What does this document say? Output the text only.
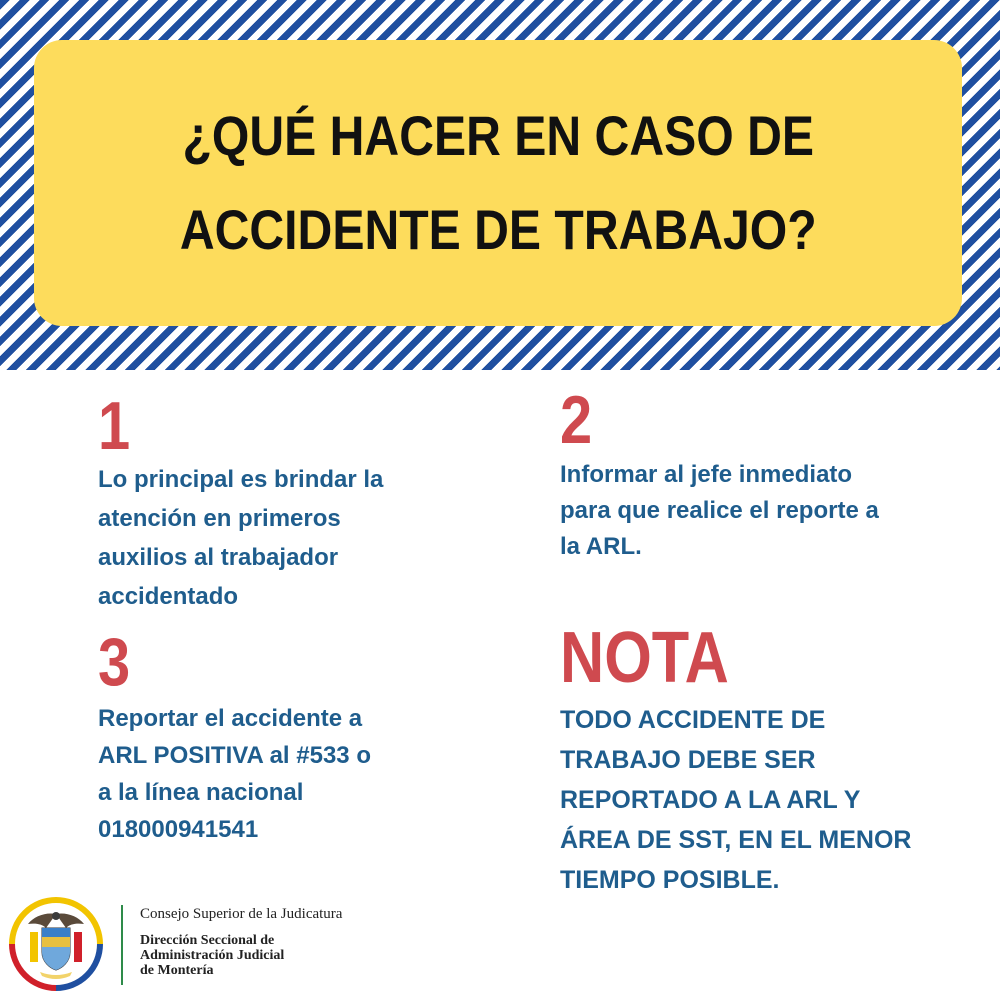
¿QUÉ HACER EN CASO DE
ACCIDENTE DE TRABAJO?
1
Lo principal es brindar la
atención en primeros
auxilios al trabajador
accidentado
2
Informar al jefe inmediato
para que realice el reporte a
la ARL.
3
Reportar el accidente a
ARL POSITIVA al #533 o
a la línea nacional
018000941541
NOTA
TODO ACCIDENTE DE
TRABAJO DEBE SER
REPORTADO A LA ARL Y
ÁREA DE SST, EN EL MENOR
TIEMPO POSIBLE.
Consejo Superior de la Judicatura
Dirección Seccional de
Administración Judicial
de Montería
